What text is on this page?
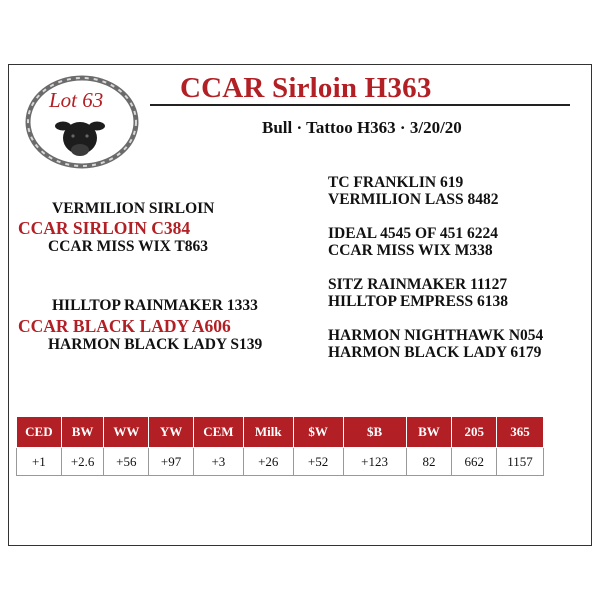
Lot 63	CCAR Sirloin H363
Bull · Tattoo H363 · 3/20/20
VERMILION SIRLOIN
CCAR SIRLOIN C384
CCAR MISS WIX T863
HILLTOP RAINMAKER 1333
CCAR BLACK LADY A606
HARMON BLACK LADY S139
TC FRANKLIN 619
VERMILION LASS 8482
IDEAL 4545 OF 451 6224
CCAR MISS WIX M338
SITZ RAINMAKER 11127
HILLTOP EMPRESS 6138
HARMON NIGHTHAWK N054
HARMON BLACK LADY 6179
CED	BW	WW	YW	CEM	Milk	$W	$B	BW	205	365
+1	+2.6	+56	+97	+3	+26	+52	+123	82	662	1157
